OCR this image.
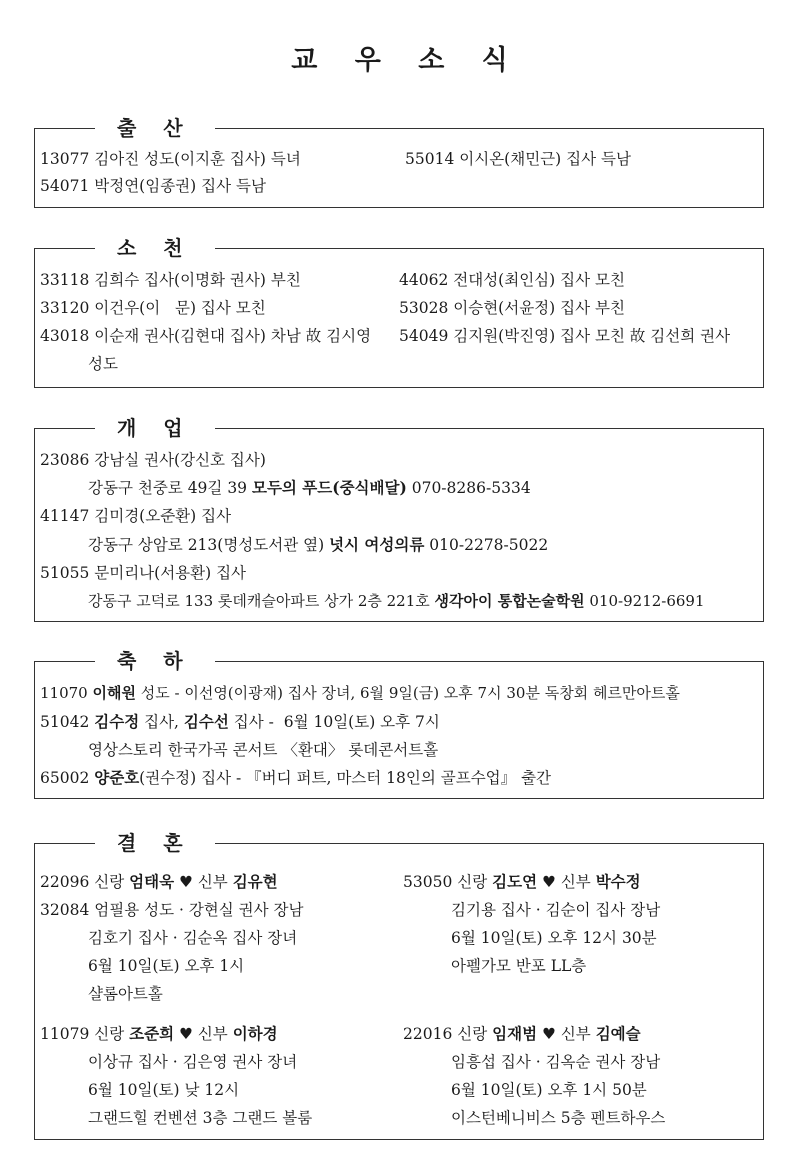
교 우 소 식
출 산
13077 김아진 성도(이지훈 집사) 득녀
54071 박정연(임종권) 집사 득남
55014 이시온(채민근) 집사 득남
소 천
33118 김희수 집사(이명화 권사) 부친
33120 이건우(이   문) 집사 모친
43018 이순재 권사(김현대 집사) 차남 故 김시영
성도
44062 전대성(최인심) 집사 모친
53028 이승현(서윤정) 집사 부친
54049 김지원(박진영) 집사 모친 故 김선희 권사
개 업
23086 강남실 권사(강신호 집사)
강동구 천중로 49길 39 모두의 푸드(중식배달) 070-8286-5334
41147 김미경(오준환) 집사
강동구 상암로 213(명성도서관 옆) 넛시 여성의류 010-2278-5022
51055 문미리나(서용환) 집사
강동구 고덕로 133 롯데캐슬아파트 상가 2층 221호 생각아이 통합논술학원 010-9212-6691
축 하
11070 이해원 성도 - 이선영(이광재) 집사 장녀, 6월 9일(금) 오후 7시 30분 독창회 헤르만아트홀
51042 김수정 집사, 김수선 집사 -  6월 10일(토) 오후 7시
영상스토리 한국가곡 콘서트 〈환대〉 롯데콘서트홀
65002 양준호(권수정) 집사 - 『버디 퍼트, 마스터 18인의 골프수업』 출간
결 혼
22096 신랑 엄태욱 ♥ 신부 김유현
32084 엄필용 성도 · 강현실 권사 장남
김호기 집사 · 김순옥 집사 장녀
6월 10일(토) 오후 1시
샬롬아트홀
53050 신랑 김도연 ♥ 신부 박수정
김기용 집사 · 김순이 집사 장남
6월 10일(토) 오후 12시 30분
아펠가모 반포 LL층
11079 신랑 조준희 ♥ 신부 이하경
이상규 집사 · 김은영 권사 장녀
6월 10일(토) 낮 12시
그랜드힐 컨벤션 3층 그랜드 볼룸
22016 신랑 임재범 ♥ 신부 김예슬
임흥섭 집사 · 김옥순 권사 장남
6월 10일(토) 오후 1시 50분
이스턴베니비스 5층 펜트하우스
